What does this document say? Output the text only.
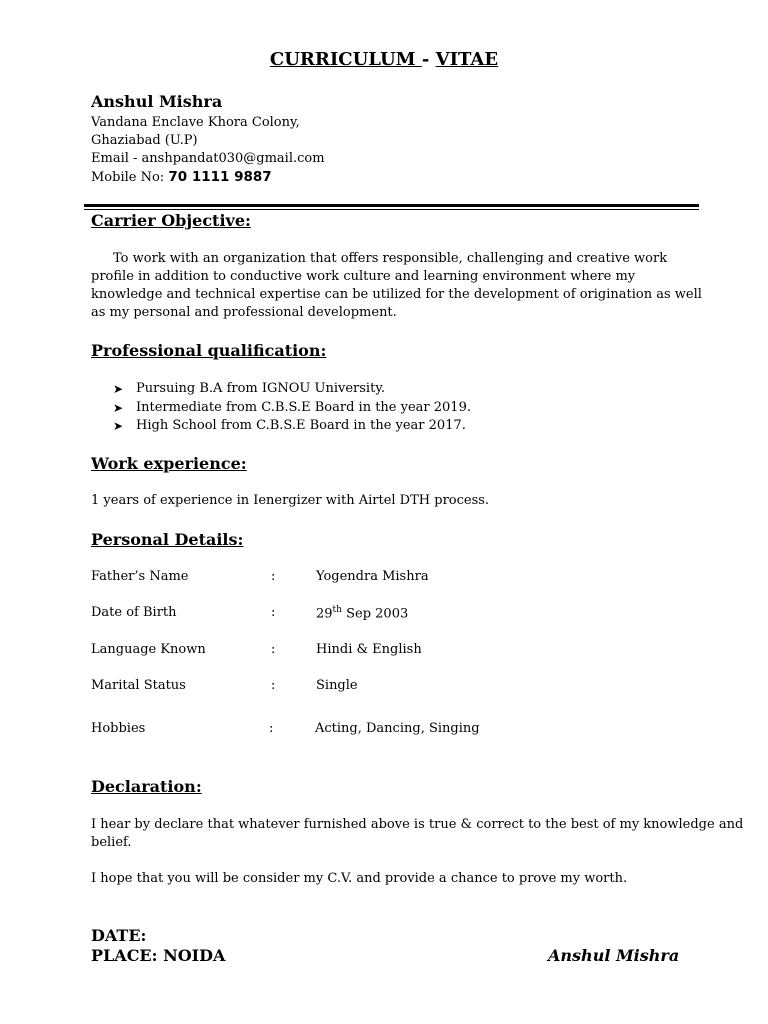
CURRICULUM - VITAE
Anshul Mishra
Vandana Enclave Khora Colony,
Ghaziabad (U.P)
Email - anshpandat030@gmail.com
Mobile No: 70 1111 9887
Carrier Objective:
To work with an organization that offers responsible, challenging and creative work
profile in addition to conductive work culture and learning environment where my
knowledge and technical expertise can be utilized for the development of origination as well
as my personal and professional development.
Professional qualification:
➤ Pursuing B.A from IGNOU University.
➤ Intermediate from C.B.S.E Board in the year 2019.
➤ High School from C.B.S.E Board in the year 2017.
Work experience:
1 years of experience in Ienergizer with Airtel DTH process.
Personal Details:
Father’s Name	:	Yogendra Mishra
Date of Birth	:	29th Sep 2003
Language Known	:	Hindi & English
Marital Status	:	Single
Hobbies	:	Acting, Dancing, Singing
Declaration:
I hear by declare that whatever furnished above is true & correct to the best of my knowledge and
belief.
I hope that you will be consider my C.V. and provide a chance to prove my worth.
DATE:
PLACE: NOIDA	Anshul Mishra
